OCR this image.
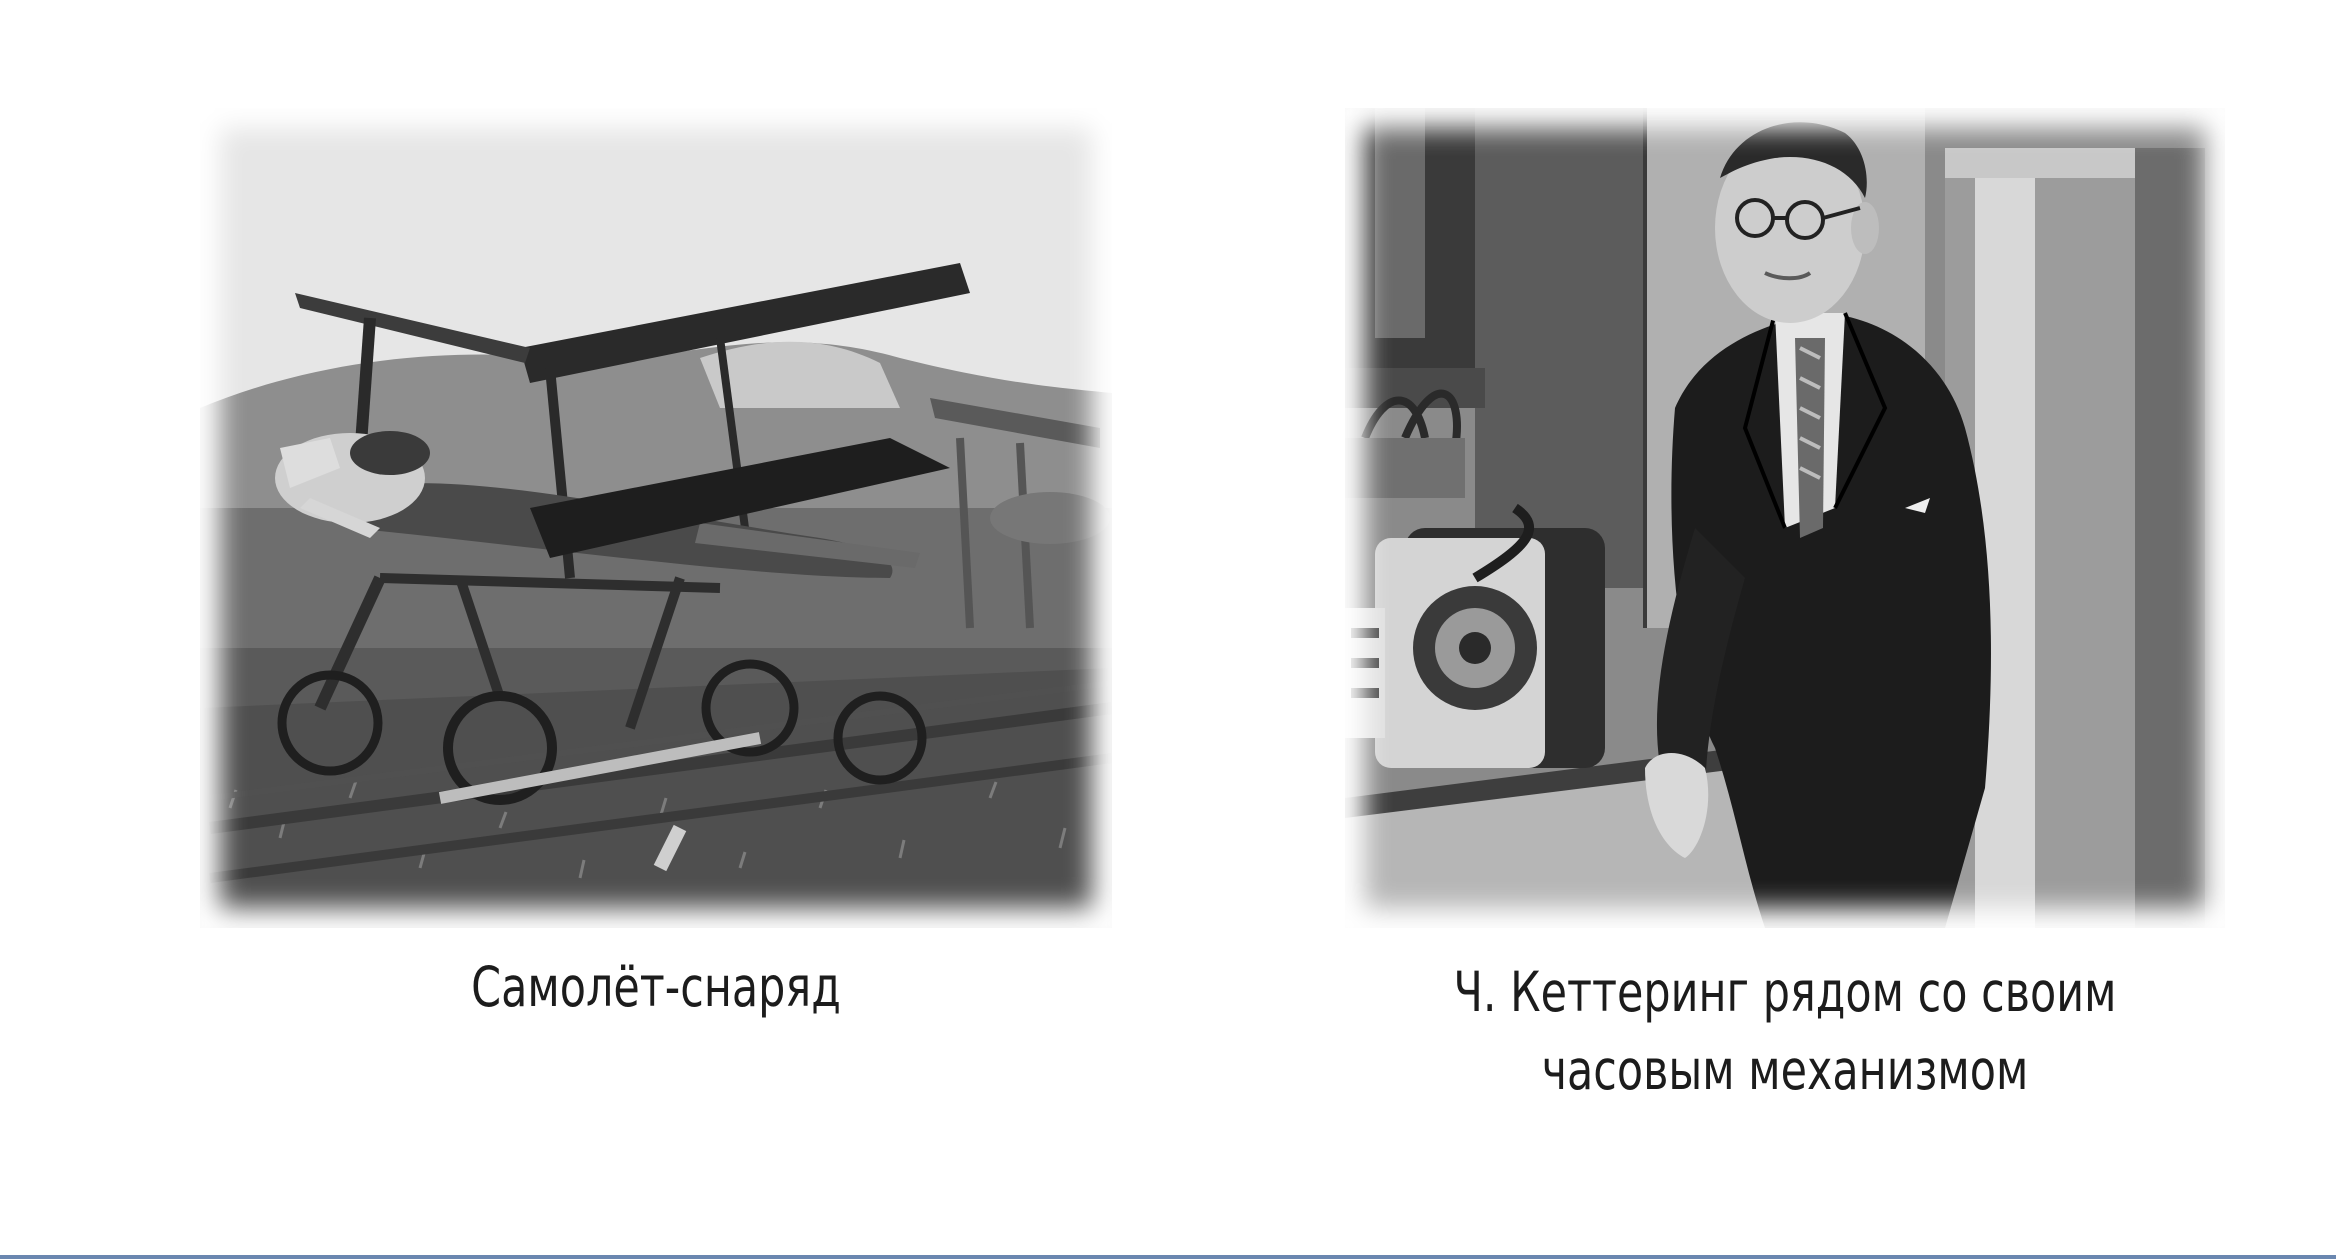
Самолёт-снаряд	Ч. Кеттеринг рядом со своим
часовым механизмом
